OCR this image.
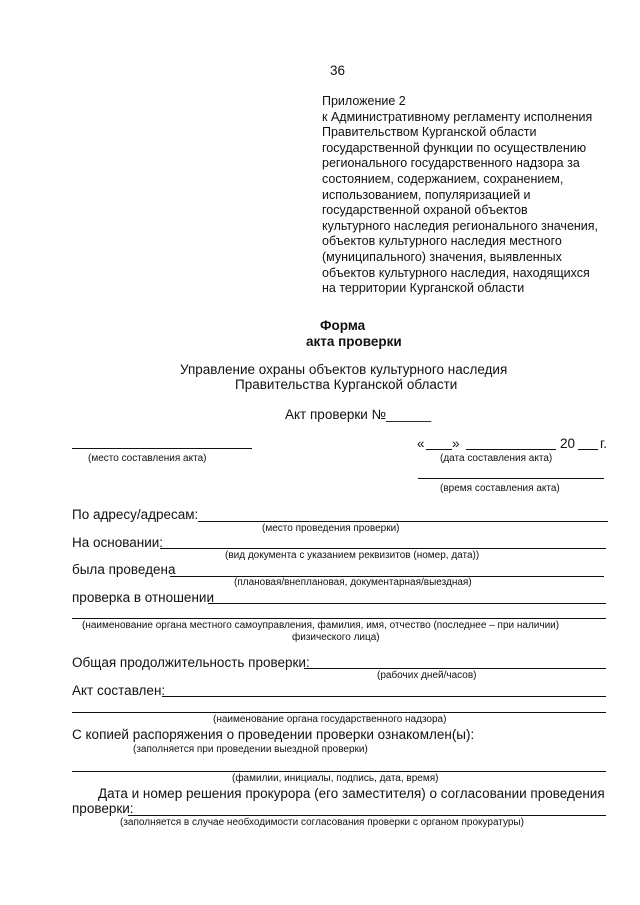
36
Приложение 2
к Административному регламенту исполнения
Правительством Курганской области
государственной функции по осуществлению
регионального государственного надзора за
состоянием, содержанием, сохранением,
использованием, популяризацией и
государственной охраной объектов
культурного наследия регионального значения,
объектов культурного наследия местного
(муниципального) значения, выявленных
объектов культурного наследия, находящихся
на территории Курганской области
Форма
акта проверки
Управление охраны объектов культурного наследия
Правительства Курганской области
Акт проверки №______
(место составления акта)
« »	20 г.
(дата составления акта)
(время составления акта)
По адресу/адресам:
(место проведения проверки)
На основании:
(вид документа с указанием реквизитов (номер, дата))
была проведена
(плановая/внеплановая, документарная/выездная)
проверка в отношении
(наименование органа местного самоуправления, фамилия, имя, отчество (последнее – при наличии)
физического лица)
Общая продолжительность проверки:
(рабочих дней/часов)
Акт составлен:
(наименование органа государственного надзора)
С копией распоряжения о проведении проверки ознакомлен(ы):
(заполняется при проведении выездной проверки)
(фамилии, инициалы, подпись, дата, время)
Дата и номер решения прокурора (его заместителя) о согласовании проведения
проверки:
(заполняется в случае необходимости согласования проверки с органом прокуратуры)
